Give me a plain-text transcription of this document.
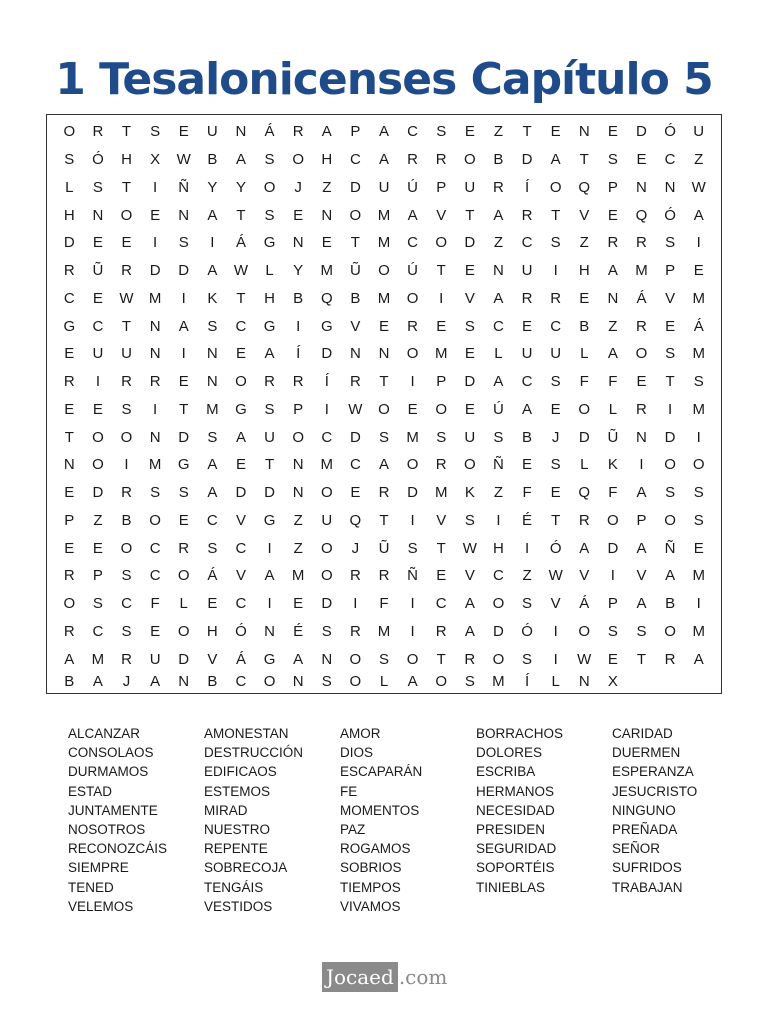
1 Tesalonicenses Capítulo 5
O	R	T	S	E	U	N	Á	R	A	P	A	C	S	E	Z	T	E	N	E	D	Ó	U
S	Ó	H	X	W	B	A	S	O	H	C	A	R	R	O	B	D	A	T	S	E	C	Z
L	S	T	I	Ñ	Y	Y	O	J	Z	D	U	Ú	P	U	R	Í	O	Q	P	N	N	W
H	N	O	E	N	A	T	S	E	N	O	M	A	V	T	A	R	T	V	E	Q	Ó	A
D	E	E	I	S	I	Á	G	N	E	T	M	C	O	D	Z	C	S	Z	R	R	S	I
R	Ũ	R	D	D	A	W	L	Y	M	Ũ	O	Ú	T	E	N	U	I	H	A	M	P	E
C	E	W	M	I	K	T	H	B	Q	B	M	O	I	V	A	R	R	E	N	Á	V	M
G	C	T	N	A	S	C	G	I	G	V	E	R	E	S	C	E	C	B	Z	R	E	Á
E	U	U	N	I	N	E	A	Í	D	N	N	O	M	E	L	U	U	L	A	O	S	M
R	I	R	R	E	N	O	R	R	Í	R	T	I	P	D	A	C	S	F	F	E	T	S
E	E	S	I	T	M	G	S	P	I	W	O	E	O	E	Ú	A	E	O	L	R	I	M
T	O	O	N	D	S	A	U	O	C	D	S	M	S	U	S	B	J	D	Ũ	N	D	I
N	O	I	M	G	A	E	T	N	M	C	A	O	R	O	Ñ	E	S	L	K	I	O	O
E	D	R	S	S	A	D	D	N	O	E	R	D	M	K	Z	F	E	Q	F	A	S	S
P	Z	B	O	E	C	V	G	Z	U	Q	T	I	V	S	I	É	T	R	O	P	O	S
E	E	O	C	R	S	C	I	Z	O	J	Ũ	S	T	W	H	I	Ó	A	D	A	Ñ	E
R	P	S	C	O	Á	V	A	M	O	R	R	Ñ	E	V	C	Z	W	V	I	V	A	M
O	S	C	F	L	E	C	I	E	D	I	F	I	C	A	O	S	V	Á	P	A	B	I
R	C	S	E	O	H	Ó	N	É	S	R	M	I	R	A	D	Ó	I	O	S	S	O	M
A	M	R	U	D	V	Á	G	A	N	O	S	O	T	R	O	S	I	W	E	T	R	A
B	A	J	A	N	B	C	O	N	S	O	L	A	O	S	M	Í	L	N	X
ALCANZAR	AMONESTAN	AMOR	BORRACHOS	CARIDAD
CONSOLAOS	DESTRUCCIÓN	DIOS	DOLORES	DUERMEN
DURMAMOS	EDIFICAOS	ESCAPARÁN	ESCRIBA	ESPERANZA
ESTAD	ESTEMOS	FE	HERMANOS	JESUCRISTO
JUNTAMENTE	MIRAD	MOMENTOS	NECESIDAD	NINGUNO
NOSOTROS	NUESTRO	PAZ	PRESIDEN	PREÑADA
RECONOZCÁIS	REPENTE	ROGAMOS	SEGURIDAD	SEÑOR
SIEMPRE	SOBRECOJA	SOBRIOS	SOPORTÉIS	SUFRIDOS
TENED	TENGÁIS	TIEMPOS	TINIEBLAS	TRABAJAN
VELEMOS	VESTIDOS	VIVAMOS
Jocaed .com
